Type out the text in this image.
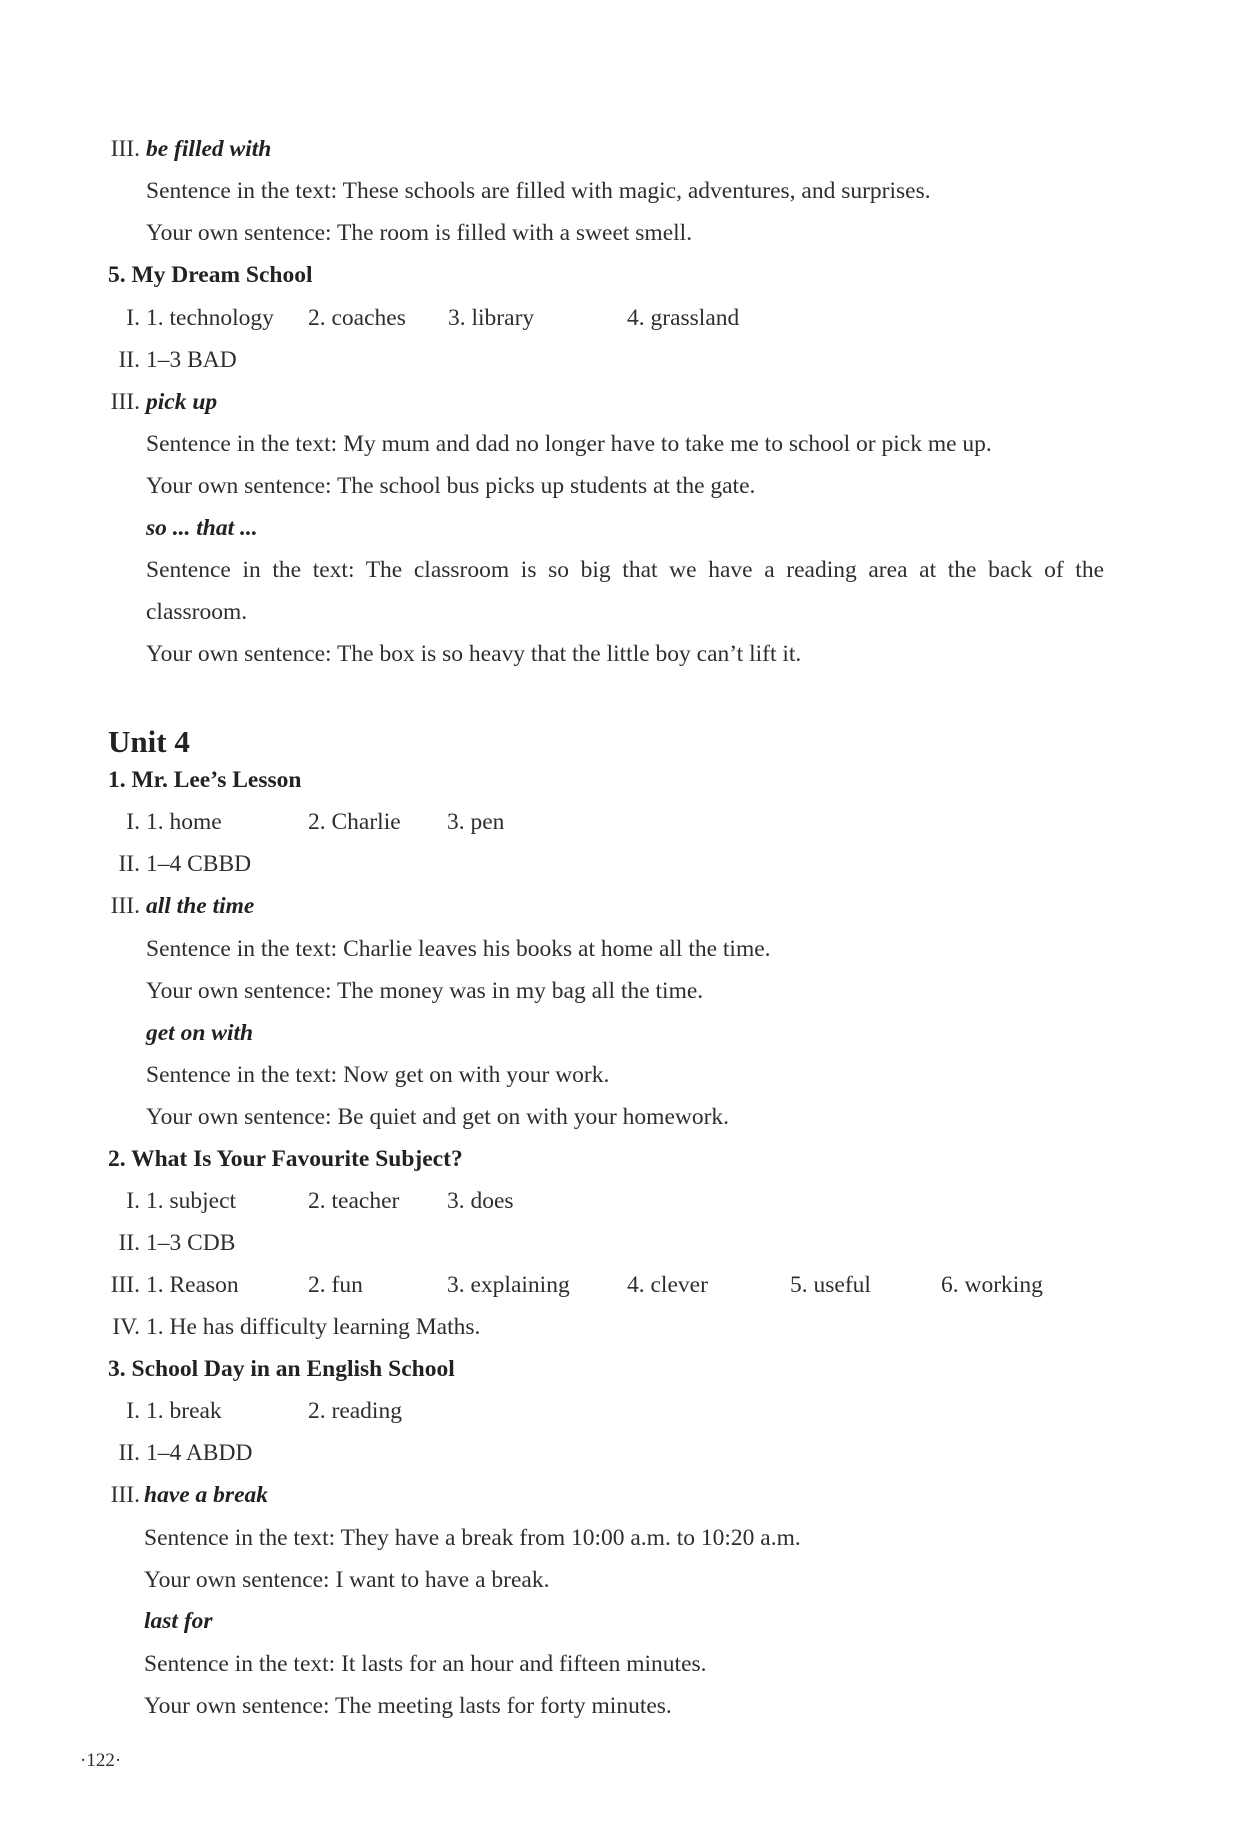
III. be filled with
Sentence in the text: These schools are filled with magic, adventures, and surprises.
Your own sentence: The room is filled with a sweet smell.
5. My Dream School
I. 1. technology 2. coaches 3. library	4. grassland
II. 1–3 BAD
III. pick up
Sentence in the text: My mum and dad no longer have to take me to school or pick me up.
Your own sentence: The school bus picks up students at the gate.
so ... that ...
Sentence in the text: The classroom is so big that we have a reading area at the back of the
classroom.
Your own sentence: The box is so heavy that the little boy can’t lift it.
Unit 4
1. Mr. Lee’s Lesson
I. 1. home	2. Charlie 3. pen
II. 1–4 CBBD
III. all the time
Sentence in the text: Charlie leaves his books at home all the time.
Your own sentence: The money was in my bag all the time.
get on with
Sentence in the text: Now get on with your work.
Your own sentence: Be quiet and get on with your homework.
2. What Is Your Favourite Subject?
I. 1. subject	2. teacher 3. does
II. 1–3 CDB
III. 1. Reason	2. fun	3. explaining 4. clever	5. useful	6. working
IV. 1. He has difficulty learning Maths.
3. School Day in an English School
I. 1. break	2. reading
II. 1–4 ABDD
III. have a break
Sentence in the text: They have a break from 10:00 a.m. to 10:20 a.m.
Your own sentence: I want to have a break.
last for
Sentence in the text: It lasts for an hour and fifteen minutes.
Your own sentence: The meeting lasts for forty minutes.
·122·
